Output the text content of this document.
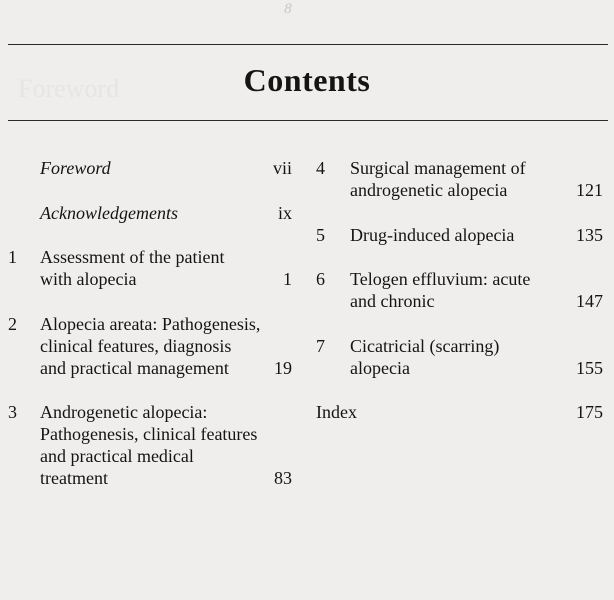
8
Foreword	Contents
Foreword	vii
Acknowledgements	ix
1 Assessment of the patient
with alopecia	1
2 Alopecia areata: Pathogenesis,
clinical features, diagnosis
and practical management	19
3 Androgenetic alopecia:
Pathogenesis, clinical features
and practical medical
treatment	83
4 Surgical management of
androgenetic alopecia	121
5 Drug-induced alopecia	135
6 Telogen effluvium: acute
and chronic	147
7 Cicatricial (scarring)
alopecia	155
Index	175
